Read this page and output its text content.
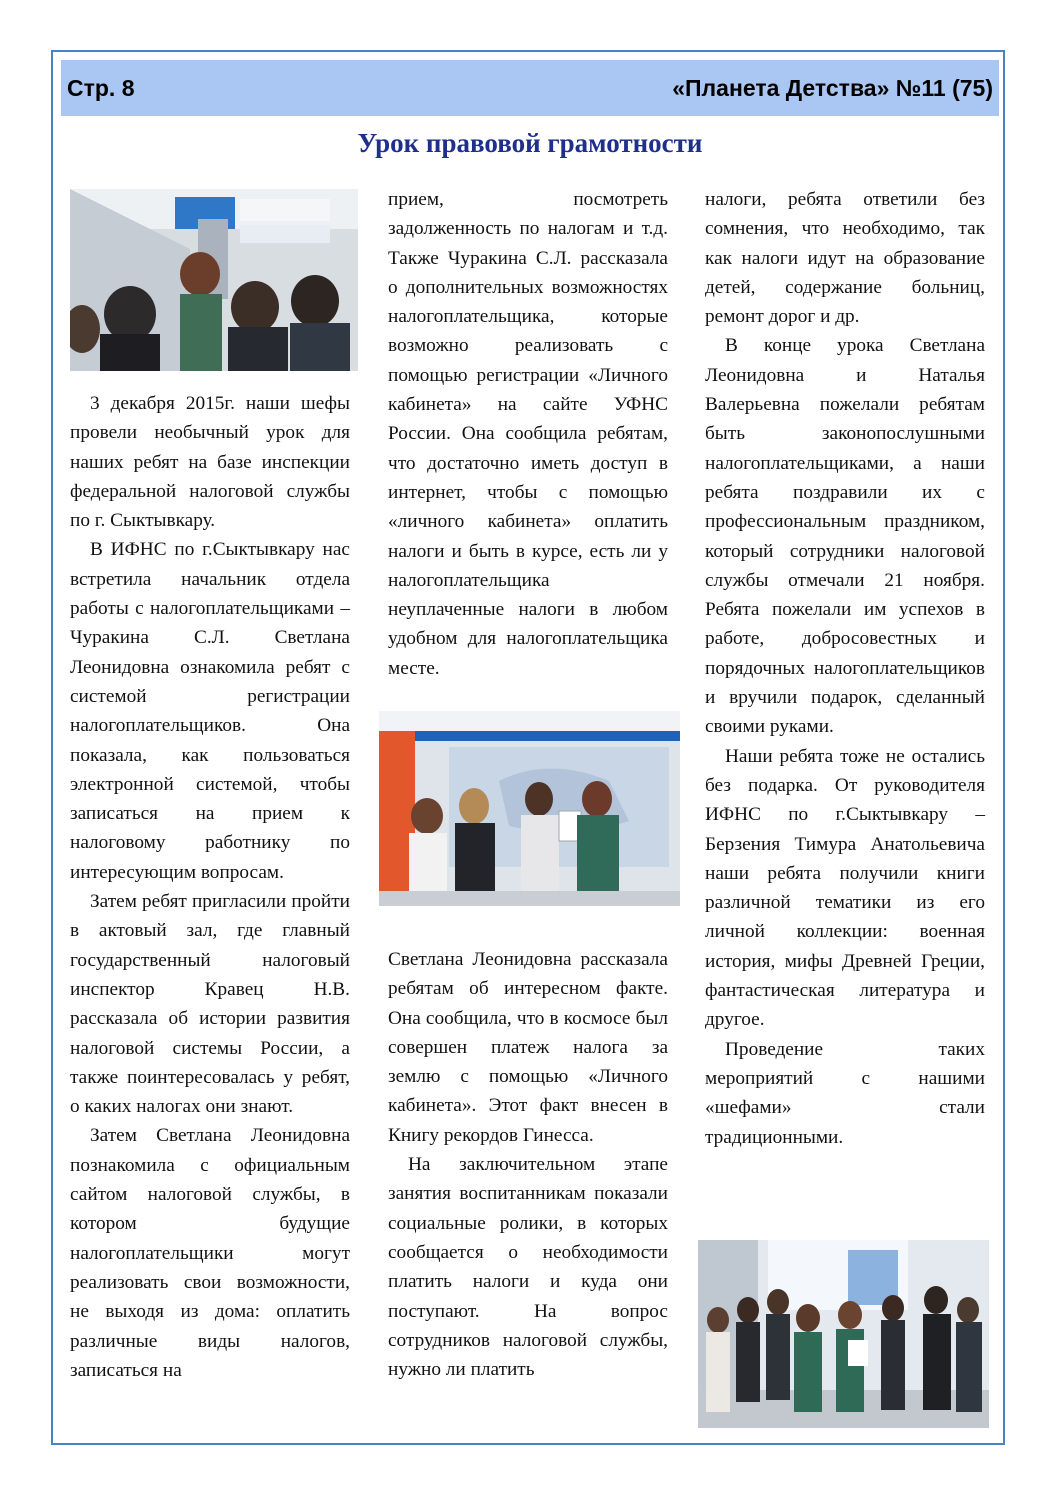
Стр. 8	«Планета Детства» №11 (75)
Урок правовой грамотности

3 декабря 2015г. наши шефы провели необычный урок для наших ребят на базе инспекции федеральной налоговой службы по г. Сыктывкару.

В ИФНС по г.Сыктывкару нас встретила начальник отдела работы с налогоплательщиками – Чуракина С.Л. Светлана Леонидовна ознакомила ребят с системой регистрации налогоплательщиков. Она показала, как пользоваться электронной системой, чтобы записаться на прием к налоговому работнику по интересующим вопросам.

Затем ребят пригласили пройти в актовый зал, где главный государственный налоговый инспектор Кравец Н.В. рассказала об истории развития налоговой системы России, а также поинтересовалась у ребят, о каких налогах они знают.

Затем Светлана Леонидовна познакомила с официальным сайтом налоговой службы, в котором будущие налогоплательщики могут реализовать свои возможности, не выходя из дома: оплатить различные виды налогов, записаться на

прием, посмотреть задолженность по налогам и т.д. Также Чуракина С.Л. рассказала о дополнительных возможностях налогоплательщика, которые возможно реализовать с помощью регистрации «Личного кабинета» на сайте УФНС России. Она сообщила ребятам, что достаточно иметь доступ в интернет, чтобы с помощью «личного кабинета» оплатить налоги и быть в курсе, есть ли у налогоплательщика неуплаченные налоги в любом удобном для налогоплательщика месте.

Светлана Леонидовна рассказала ребятам об интересном факте. Она сообщила, что в космосе был совершен платеж налога за землю с помощью «Личного кабинета». Этот факт внесен в Книгу рекордов Гинесса.

На заключительном этапе занятия воспитанникам показали социальные ролики, в которых сообщается о необходимости платить налоги и куда они поступают. На вопрос сотрудников налоговой службы, нужно ли платить

налоги, ребята ответили без сомнения, что необходимо, так как налоги идут на образование детей, содержание больниц, ремонт дорог и др.

В конце урока Светлана Леонидовна и Наталья Валерьевна пожелали ребятам быть законопослушными налогоплательщиками, а наши ребята поздравили их с профессиональным праздником, который сотрудники налоговой службы отмечали 21 ноября. Ребята пожелали им успехов в работе, добросовестных и порядочных налогоплательщиков и вручили подарок, сделанный своими руками.

Наши ребята тоже не остались без подарка. От руководителя ИФНС по г.Сыктывкару – Берзения Тимура Анатольевича наши ребята получили книги различной тематики из его личной коллекции: военная история, мифы Древней Греции, фантастическая литература и другое.

Проведение таких мероприятий с нашими «шефами» стали традиционными.
